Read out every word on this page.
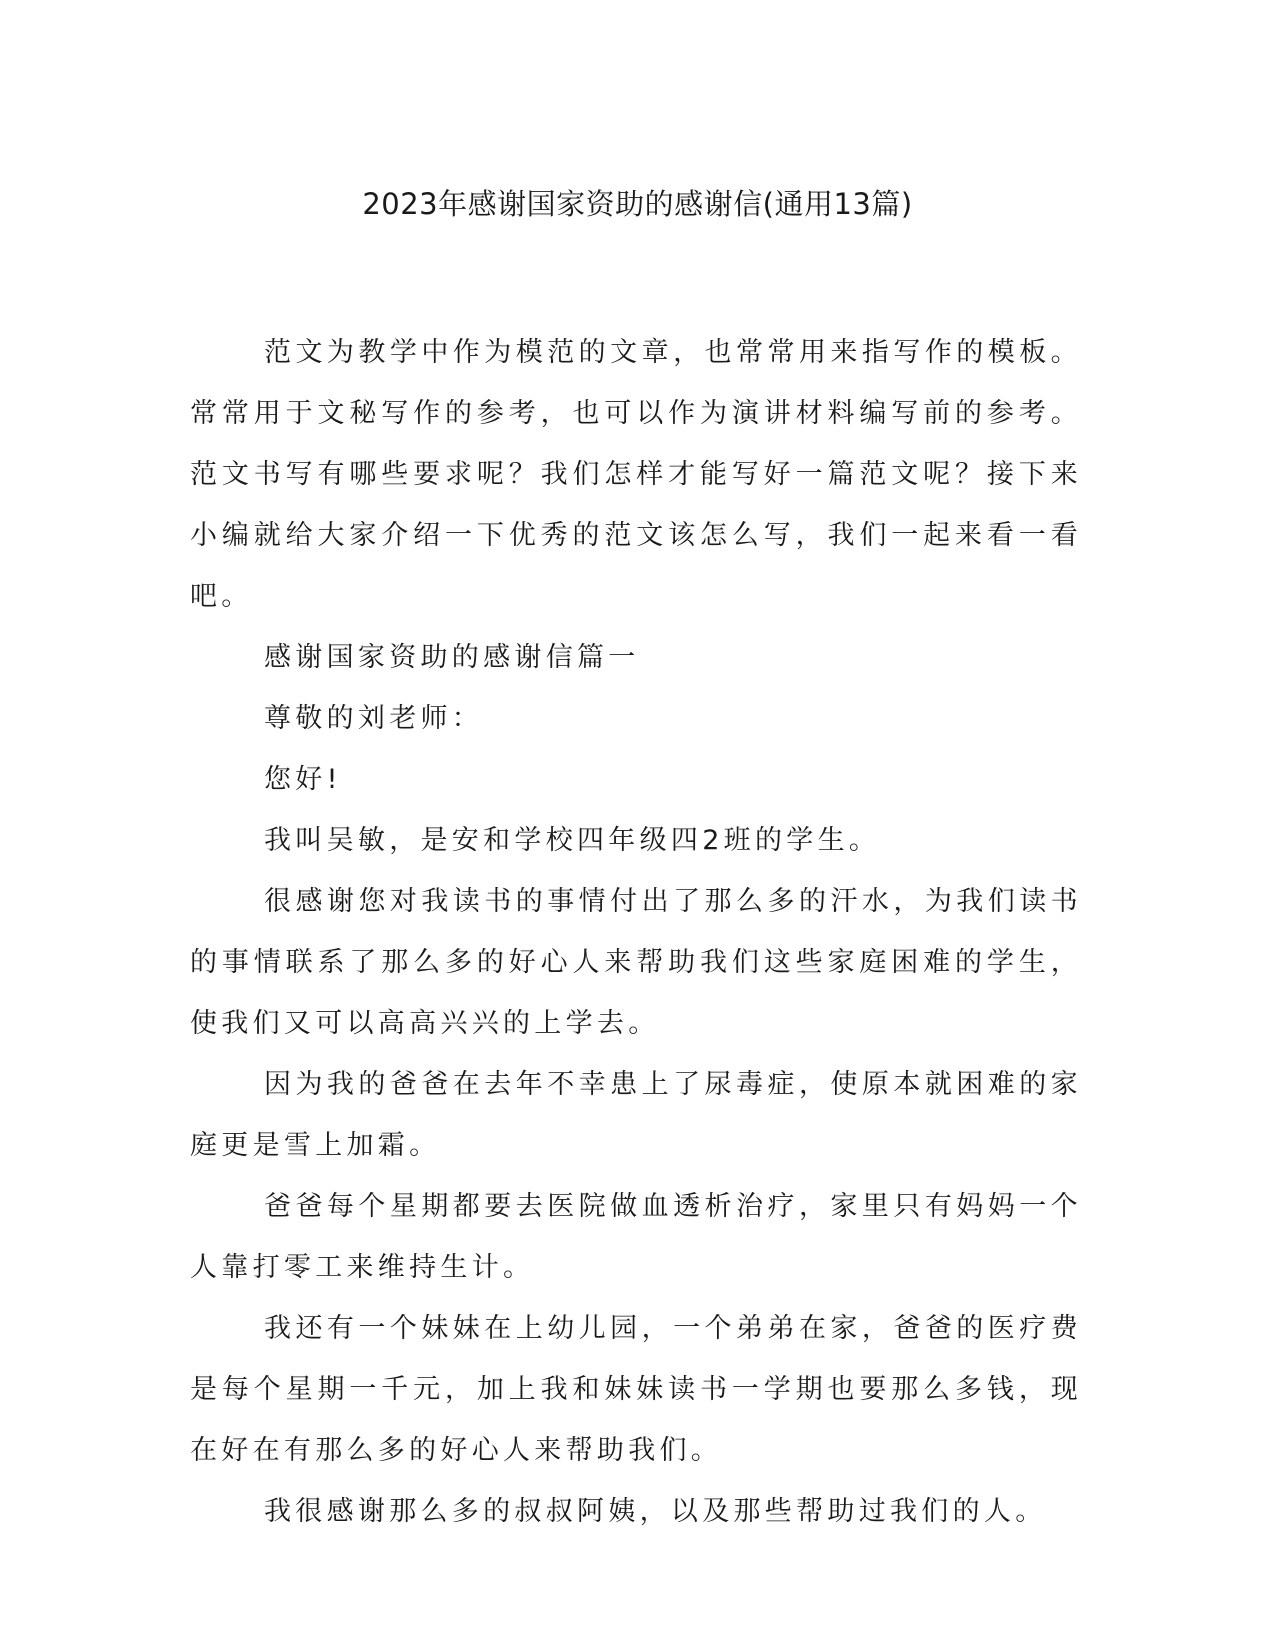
2023年感谢国家资助的感谢信(通用13篇)

范文为教学中作为模范的文章，也常常用来指写作的模板。常常用于文秘写作的参考，也可以作为演讲材料编写前的参考。范文书写有哪些要求呢？我们怎样才能写好一篇范文呢？接下来小编就给大家介绍一下优秀的范文该怎么写，我们一起来看一看吧。

感谢国家资助的感谢信篇一

尊敬的刘老师：

您好!

我叫吴敏，是安和学校四年级四2班的学生。

很感谢您对我读书的事情付出了那么多的汗水，为我们读书的事情联系了那么多的好心人来帮助我们这些家庭困难的学生，使我们又可以高高兴兴的上学去。

因为我的爸爸在去年不幸患上了尿毒症，使原本就困难的家庭更是雪上加霜。

爸爸每个星期都要去医院做血透析治疗，家里只有妈妈一个人靠打零工来维持生计。

我还有一个妹妹在上幼儿园，一个弟弟在家，爸爸的医疗费是每个星期一千元，加上我和妹妹读书一学期也要那么多钱，现在好在有那么多的好心人来帮助我们。

我很感谢那么多的叔叔阿姨，以及那些帮助过我们的人。
